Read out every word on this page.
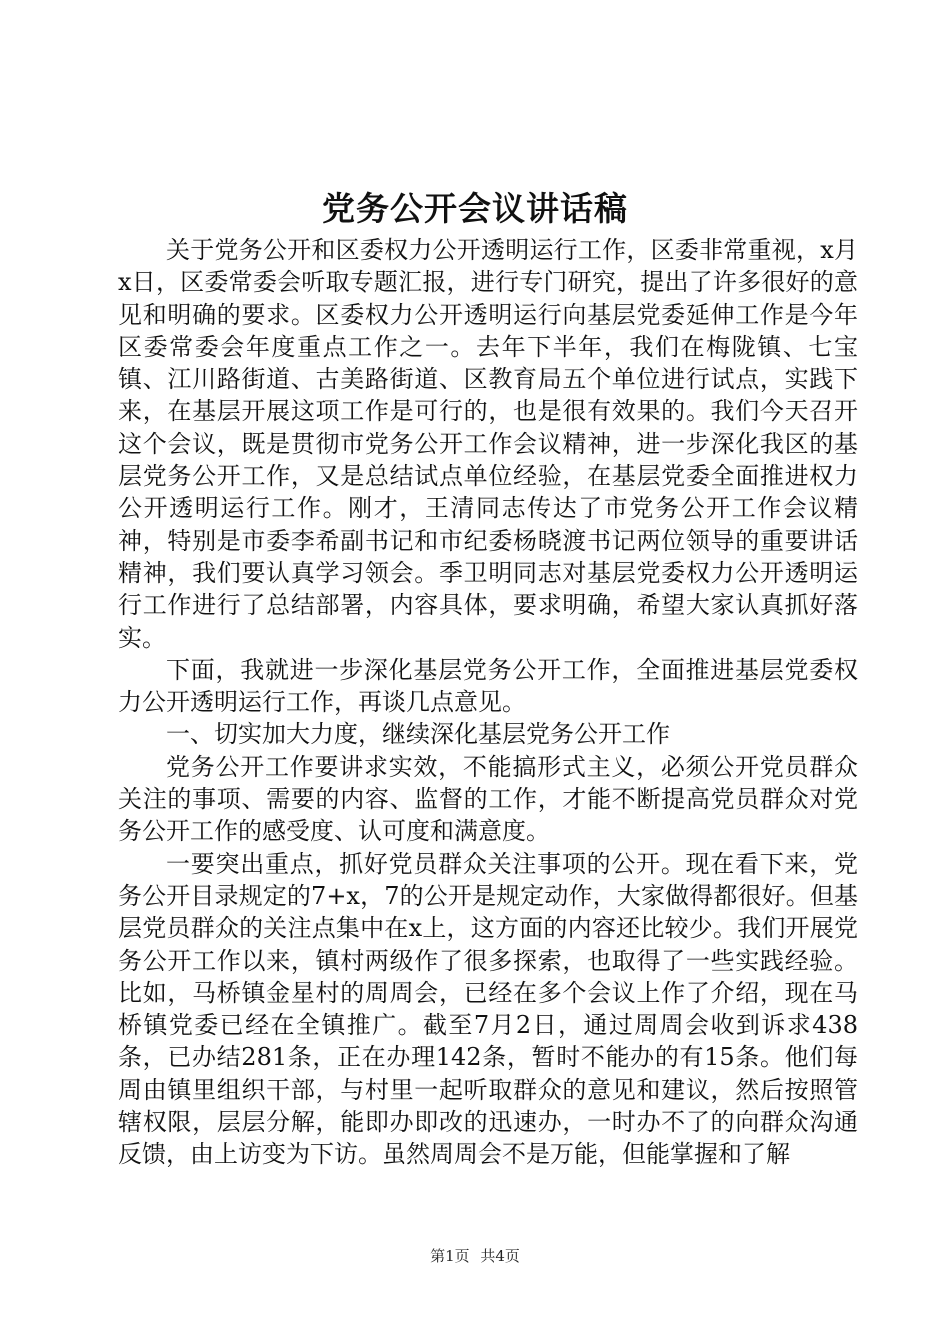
党务公开会议讲话稿

关于党务公开和区委权力公开透明运行工作，区委非常重视，x月x日，区委常委会听取专题汇报，进行专门研究，提出了许多很好的意见和明确的要求。区委权力公开透明运行向基层党委延伸工作是今年区委常委会年度重点工作之一。去年下半年，我们在梅陇镇、七宝镇、江川路街道、古美路街道、区教育局五个单位进行试点，实践下来，在基层开展这项工作是可行的，也是很有效果的。我们今天召开这个会议，既是贯彻市党务公开工作会议精神，进一步深化我区的基层党务公开工作，又是总结试点单位经验，在基层党委全面推进权力公开透明运行工作。刚才，王清同志传达了市党务公开工作会议精神，特别是市委李希副书记和市纪委杨晓渡书记两位领导的重要讲话精神，我们要认真学习领会。季卫明同志对基层党委权力公开透明运行工作进行了总结部署，内容具体，要求明确，希望大家认真抓好落实。

下面，我就进一步深化基层党务公开工作，全面推进基层党委权力公开透明运行工作，再谈几点意见。

一、切实加大力度，继续深化基层党务公开工作

党务公开工作要讲求实效，不能搞形式主义，必须公开党员群众关注的事项、需要的内容、监督的工作，才能不断提高党员群众对党务公开工作的感受度、认可度和满意度。

一要突出重点，抓好党员群众关注事项的公开。现在看下来，党务公开目录规定的7+x，7的公开是规定动作，大家做得都很好。但基层党员群众的关注点集中在x上，这方面的内容还比较少。我们开展党务公开工作以来，镇村两级作了很多探索，也取得了一些实践经验。比如，马桥镇金星村的周周会，已经在多个会议上作了介绍，现在马桥镇党委已经在全镇推广。截至7月2日，通过周周会收到诉求438条，已办结281条，正在办理142条，暂时不能办的有15条。他们每周由镇里组织干部，与村里一起听取群众的意见和建议，然后按照管辖权限，层层分解，能即办即改的迅速办，一时办不了的向群众沟通反馈，由上访变为下访。虽然周周会不是万能，但能掌握和了解

第1页 共4页
